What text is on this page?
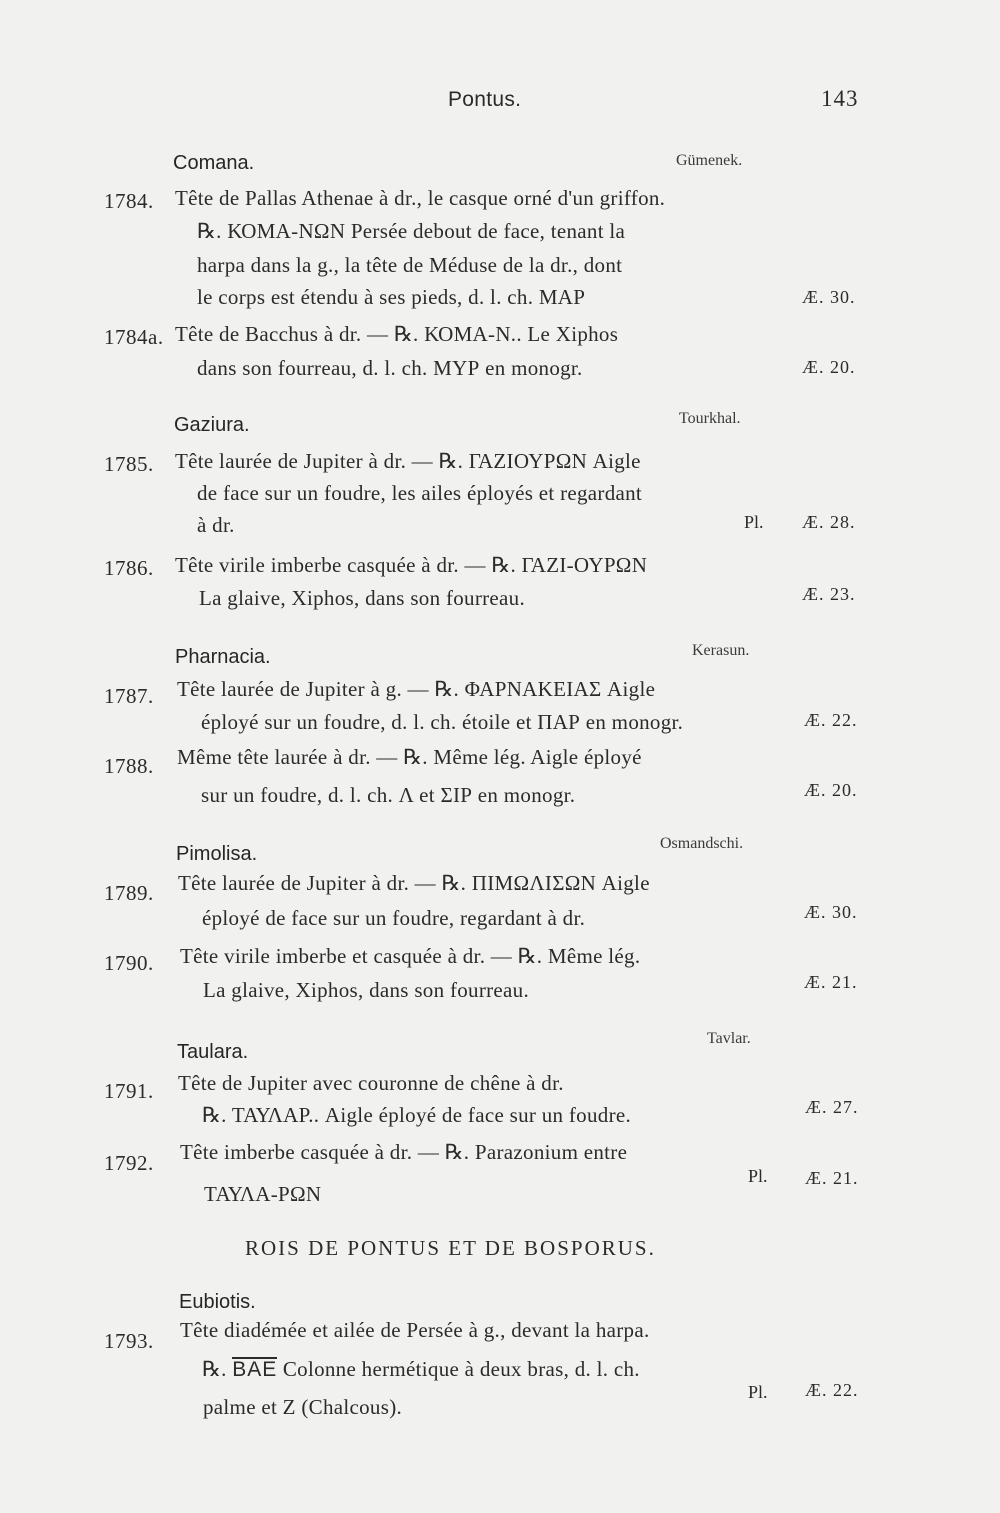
Pontus.	143
Comana.	Gümenek.
1784. Tête de Pallas Athenae à dr., le casque orné d'un griffon.
℞. ΚΟΜΑ-ΝΩΝ Persée debout de face, tenant la
harpa dans la g., la tête de Méduse de la dr., dont
le corps est étendu à ses pieds, d. l. ch. ΜΑΡ	Æ. 30.
1784a. Tête de Bacchus à dr. — ℞. ΚΟΜΑ-Ν.. Le Xiphos
dans son fourreau, d. l. ch. ΜΥΡ en monogr.	Æ. 20.
Gaziura.	Tourkhal.
1785. Tête laurée de Jupiter à dr. — ℞. ΓΑΖΙΟΥΡΩΝ Aigle
de face sur un foudre, les ailes éployés et regardant
à dr.	Pl. Æ. 28.
1786. Tête virile imberbe casquée à dr. — ℞. ΓΑΖΙ-ΟΥΡΩΝ
La glaive, Xiphos, dans son fourreau.	Æ. 23.
Pharnacia.	Kerasun.
1787. Tête laurée de Jupiter à g. — ℞. ΦΑΡΝΑΚΕΙΑΣ Aigle
éployé sur un foudre, d. l. ch. étoile et ΠΑΡ en monogr.	Æ. 22.
1788. Même tête laurée à dr. — ℞. Même lég. Aigle éployé
sur un foudre, d. l. ch. Λ et ΣΙΡ en monogr.	Æ. 20.
Pimolisa.	Osmandschi.
1789. Tête laurée de Jupiter à dr. — ℞. ΠΙΜΩΛΙΣΩΝ Aigle
éployé de face sur un foudre, regardant à dr.	Æ. 30.
1790. Tête virile imberbe et casquée à dr. — ℞. Même lég.
La glaive, Xiphos, dans son fourreau.	Æ. 21.
Taulara.
Tavlar.
1791. Tête de Jupiter avec couronne de chêne à dr.
℞. ΤΑΥΛΑΡ.. Aigle éployé de face sur un foudre.	Æ. 27.
1792. Tête imberbe casquée à dr. — ℞. Parazonium entre
ΤΑΥΛΑ-ΡΩΝ
Pl. Æ. 21.
ROIS DE PONTUS ET DE BOSPORUS.
Eubiotis.
1793. Tête diadémée et ailée de Persée à g., devant la harpa.
℞. ΒΑΕ Colonne hermétique à deux bras, d. l. ch.
palme et Z (Chalcous).
Pl. Æ. 22.
